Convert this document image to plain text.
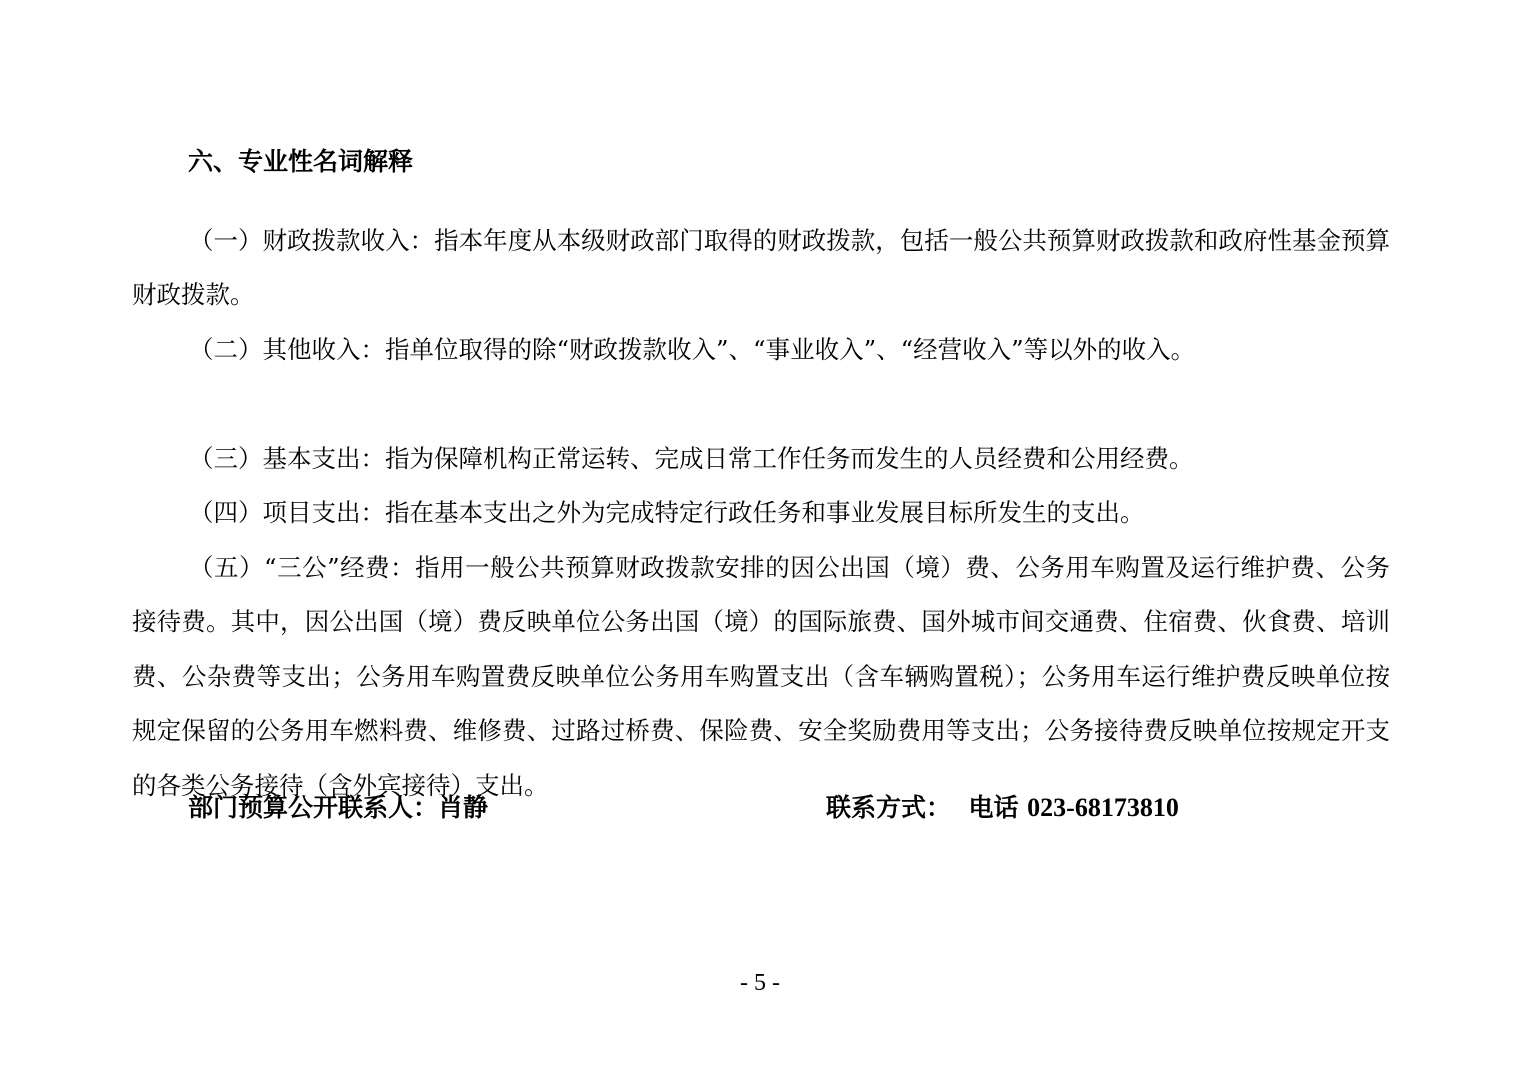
六、专业性名词解释

（一）财政拨款收入：指本年度从本级财政部门取得的财政拨款，包括一般公共预算财政拨款和政府性基金预算财政拨款。

（二）其他收入：指单位取得的除“财政拨款收入”、“事业收入”、“经营收入”等以外的收入。

（三）基本支出：指为保障机构正常运转、完成日常工作任务而发生的人员经费和公用经费。

（四）项目支出：指在基本支出之外为完成特定行政任务和事业发展目标所发生的支出。

（五）“三公”经费：指用一般公共预算财政拨款安排的因公出国（境）费、公务用车购置及运行维护费、公务接待费。其中，因公出国（境）费反映单位公务出国（境）的国际旅费、国外城市间交通费、住宿费、伙食费、培训费、公杂费等支出；公务用车购置费反映单位公务用车购置支出（含车辆购置税）；公务用车运行维护费反映单位按规定保留的公务用车燃料费、维修费、过路过桥费、保险费、安全奖励费用等支出；公务接待费反映单位按规定开支的各类公务接待（含外宾接待）支出。

部门预算公开联系人：肖静	联系方式： 电话 023-68173810
- 5 -
